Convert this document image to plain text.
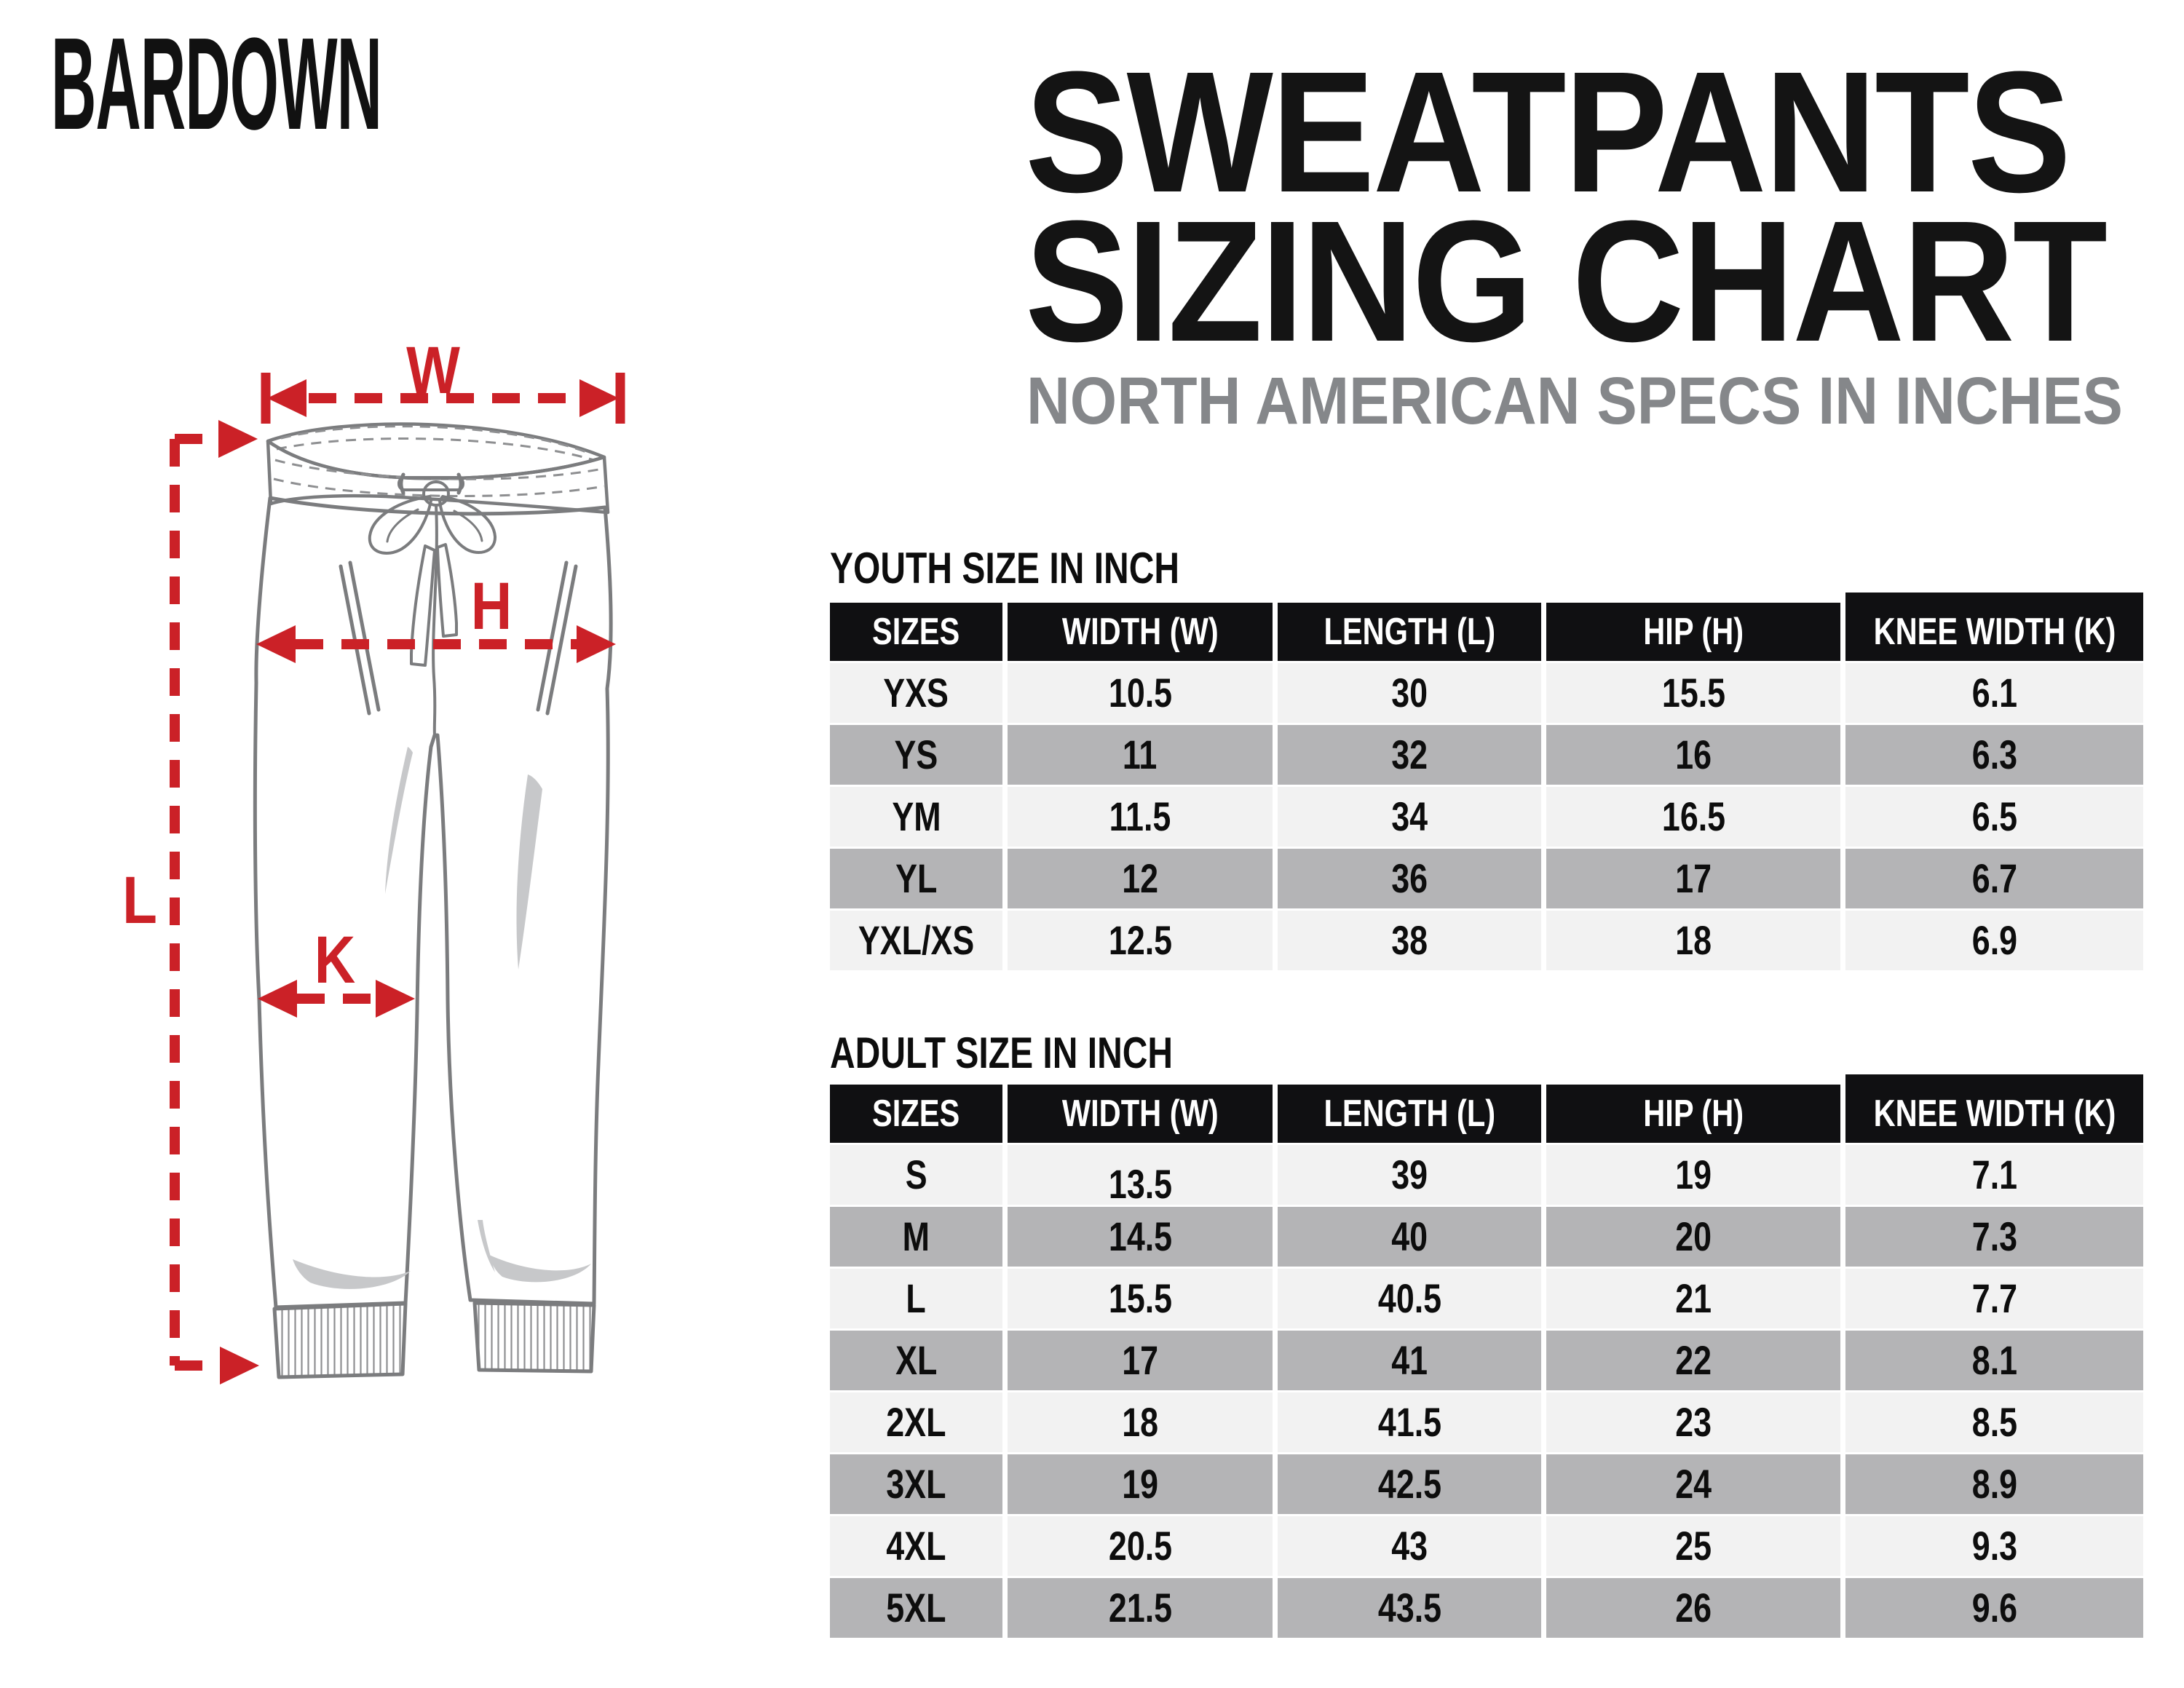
BARDOWN	SWEATPANTS
SIZING CHART
NORTH AMERICAN SPECS IN INCHES
W
L
H
K
YOUTH SIZE IN INCH
SIZES	WIDTH (W)	LENGTH (L)	HIP (H)	KNEE WIDTH (K)
YXS	10.5	30	15.5	6.1
YS	11	32	16	6.3
YM	11.5	34	16.5	6.5
YL	12	36	17	6.7
YXL/XS	12.5	38	18	6.9
ADULT SIZE IN INCH
SIZES	WIDTH (W)	LENGTH (L)	HIP (H)	KNEE WIDTH (K)
S	13.5	39	19	7.1
M	14.5	40	20	7.3
L	15.5	40.5	21	7.7
XL	17	41	22	8.1
2XL	18	41.5	23	8.5
3XL	19	42.5	24	8.9
4XL	20.5	43	25	9.3
5XL	21.5	43.5	26	9.6
